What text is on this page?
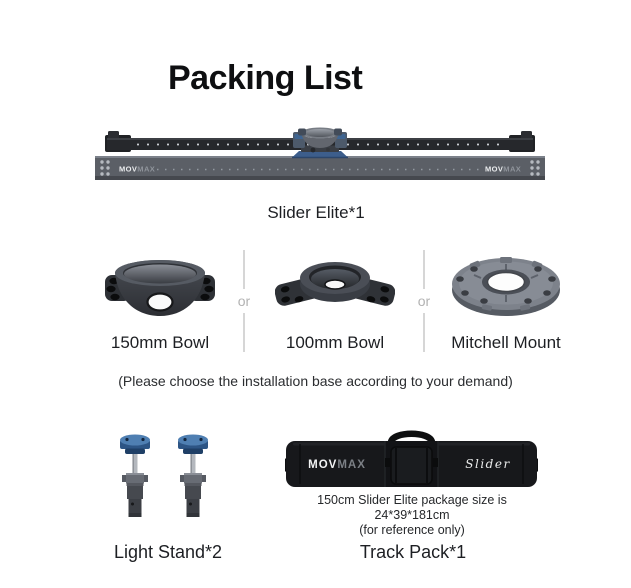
Packing List
MOVMAX	MOVMAX
Slider Elite*1
150mm Bowl
or
100mm Bowl
or
Mitchell Mount
(Please choose the installation base according to your demand)
Light Stand*2
MOVMAX	Slider
150cm Slider Elite package size is 24*39*181cm
(for reference only)
Track Pack*1
